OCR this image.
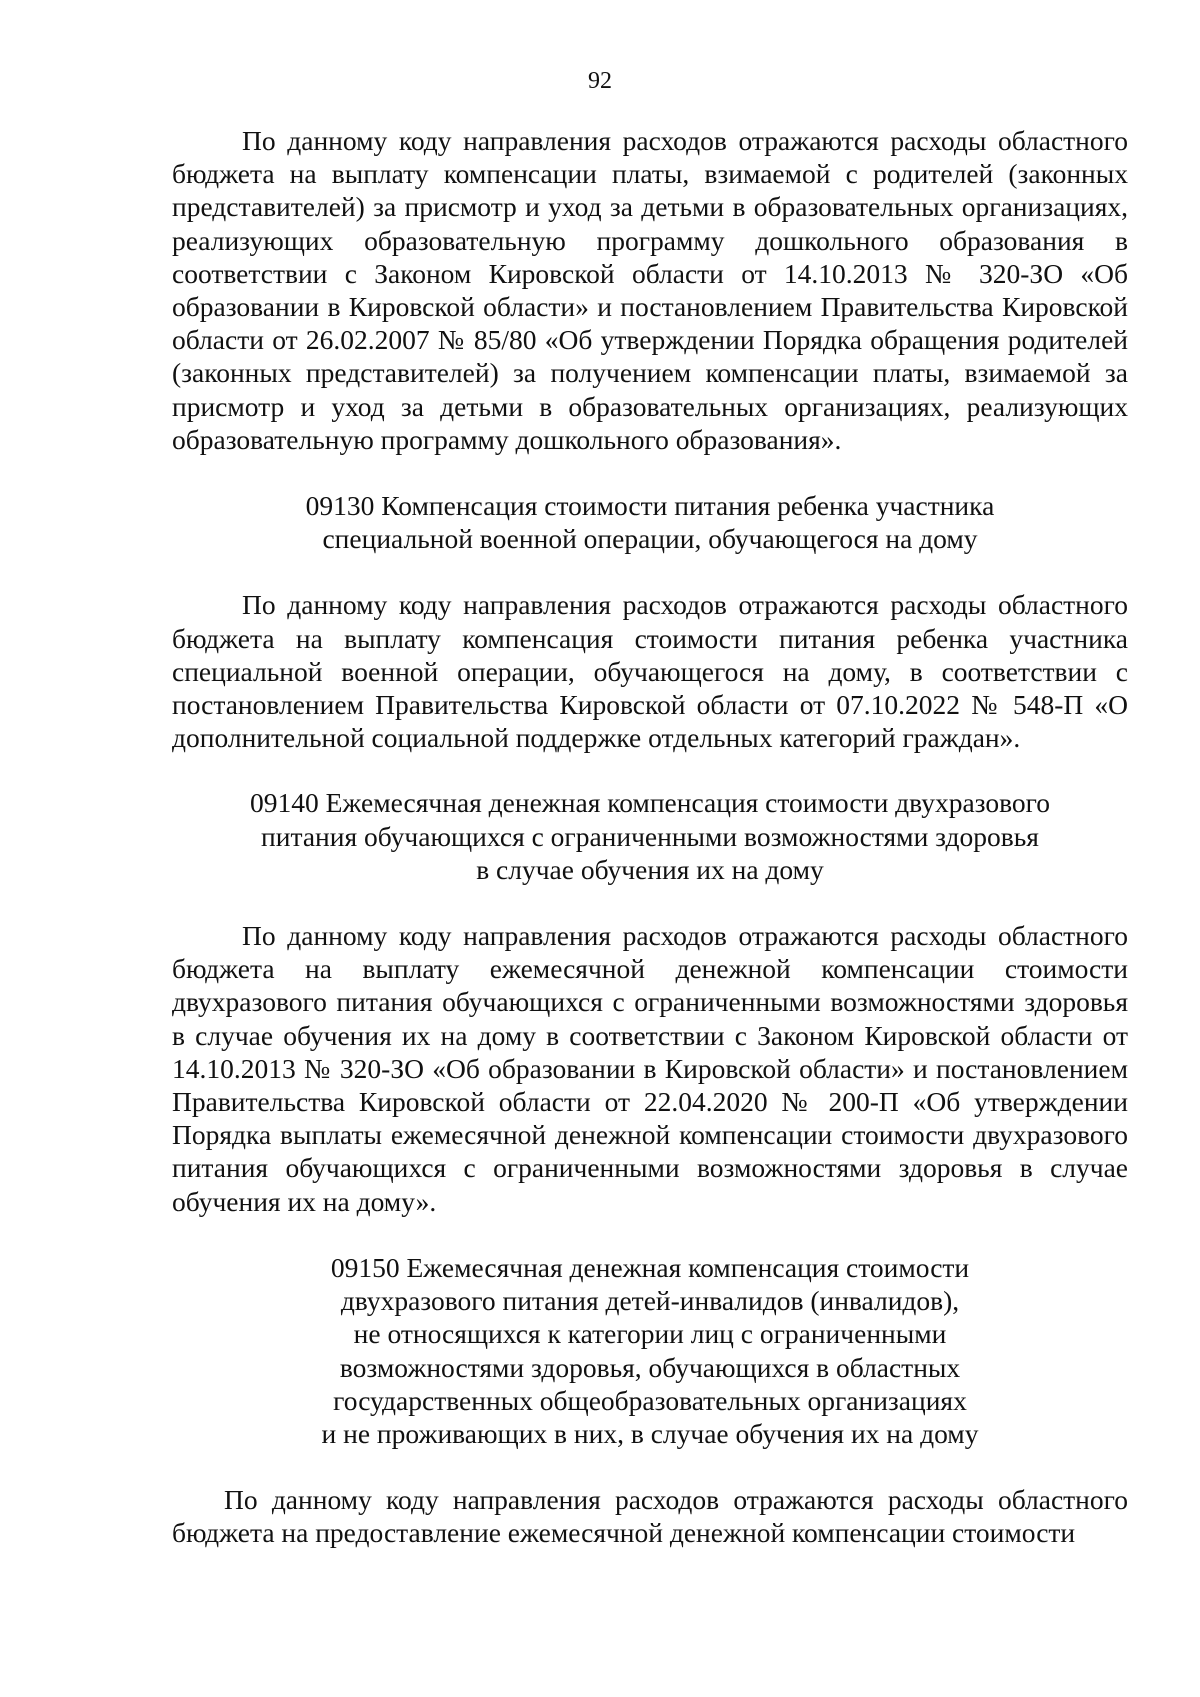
92

По данному коду направления расходов отражаются расходы областного бюджета на выплату компенсации платы, взимаемой с родителей (законных представителей) за присмотр и уход за детьми в образовательных организациях, реализующих образовательную программу дошкольного образования в соответствии с Законом Кировской области от 14.10.2013 № 320-ЗО «Об образовании в Кировской области» и постановлением Правительства Кировской области от 26.02.2007 № 85/80 «Об утверждении Порядка обращения родителей (законных представителей) за получением компенсации платы, взимаемой за присмотр и уход за детьми в образовательных организациях, реализующих образовательную программу дошкольного образования».

09130 Компенсация стоимости питания ребенка участника
специальной военной операции, обучающегося на дому

По данному коду направления расходов отражаются расходы областного бюджета на выплату компенсация стоимости питания ребенка участника специальной военной операции, обучающегося на дому, в соответствии с постановлением Правительства Кировской области от 07.10.2022 № 548-П «О дополнительной социальной поддержке отдельных категорий граждан».

09140 Ежемесячная денежная компенсация стоимости двухразового
питания обучающихся с ограниченными возможностями здоровья
в случае обучения их на дому

По данному коду направления расходов отражаются расходы областного бюджета на выплату ежемесячной денежной компенсации стоимости двухразового питания обучающихся с ограниченными возможностями здоровья в случае обучения их на дому в соответствии с Законом Кировской области от 14.10.2013 № 320-ЗО «Об образовании в Кировской области» и постановлением Правительства Кировской области от 22.04.2020 № 200-П «Об утверждении Порядка выплаты ежемесячной денежной компенсации стоимости двухразового питания обучающихся с ограниченными возможностями здоровья в случае обучения их на дому».

09150 Ежемесячная денежная компенсация стоимости
двухразового питания детей-инвалидов (инвалидов),
не относящихся к категории лиц с ограниченными
возможностями здоровья, обучающихся в областных
государственных общеобразовательных организациях
и не проживающих в них, в случае обучения их на дому

По данному коду направления расходов отражаются расходы областного бюджета на предоставление ежемесячной денежной компенсации стоимости
